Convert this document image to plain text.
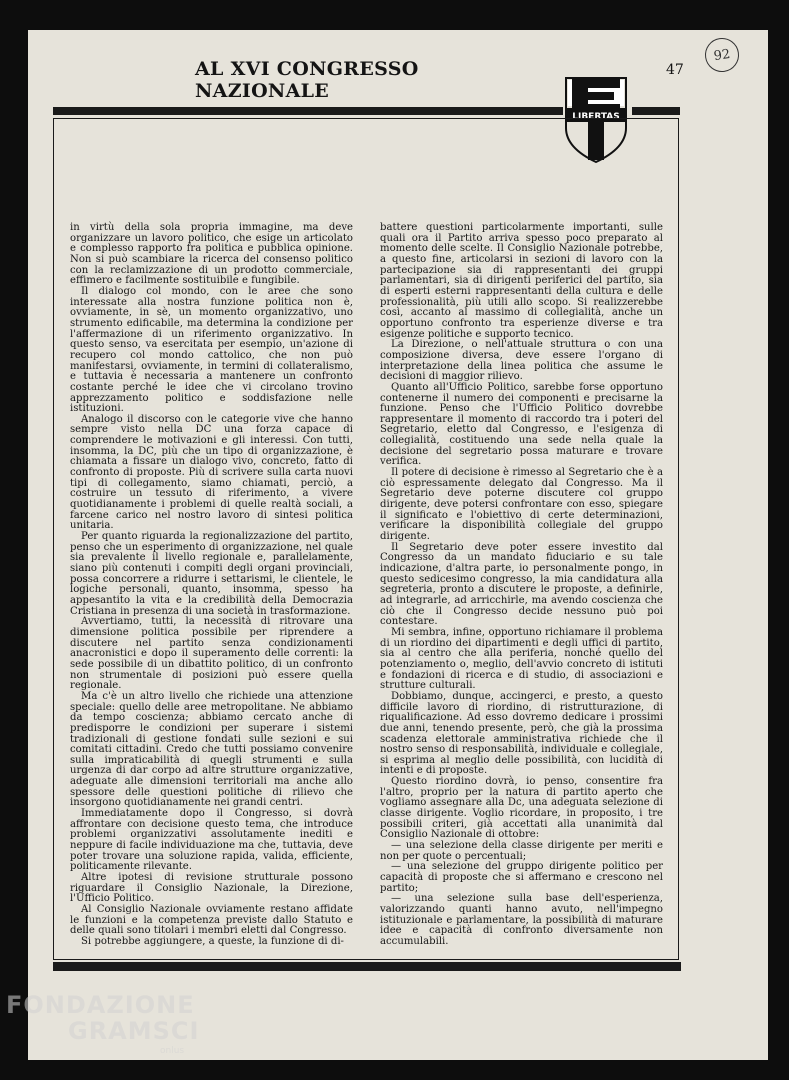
92
AL XVI CONGRESSO NAZIONALE
47
LIBERTAS

in virtù della sola propria immagine, ma deve organizzare un lavoro politico, che esige un articolato e complesso rapporto fra politica e pubblica opinione. Non si può scambiare la ricerca del consenso politico con la reclamizzazione di un prodotto commerciale, effimero e facilmente sostituibile e fungibile.

Il dialogo col mondo, con le aree che sono interessate alla nostra funzione politica non è, ovviamente, in sè, un momento organizzativo, uno strumento edificabile, ma determina la condizione per l'affermazione di un riferimento organizzativo. In questo senso, va esercitata per esempio, un'azione di recupero col mondo cattolico, che non può manifestarsi, ovviamente, in termini di collateralismo, e tuttavia è necessaria a mantenere un confronto costante perché le idee che vi circolano trovino apprezzamento politico e soddisfazione nelle istituzioni.

Analogo il discorso con le categorie vive che hanno sempre visto nella DC una forza capace di comprendere le motivazioni e gli interessi. Con tutti, insomma, la DC, più che un tipo di organizzazione, è chiamata a fissare un dialogo vivo, concreto, fatto di confronto di proposte. Più di scrivere sulla carta nuovi tipi di collegamento, siamo chiamati, perciò, a costruire un tessuto di riferimento, a vivere quotidianamente i problemi di quelle realtà sociali, a farcene carico nel nostro lavoro di sintesi politica unitaria.

Per quanto riguarda la regionalizzazione del partito, penso che un esperimento di organizzazione, nel quale sia prevalente il livello regionale e, parallelamente, siano più contenuti i compiti degli organi provinciali, possa concorrere a ridurre i settarismi, le clientele, le logiche personali, quanto, insomma, spesso ha appesantito la vita e la credibilità della Democrazia Cristiana in presenza di una società in trasformazione.

Avvertiamo, tutti, la necessità di ritrovare una dimensione politica possibile per riprendere a discutere nel partito senza condizionamenti anacronistici e dopo il superamento delle correnti: la sede possibile di un dibattito politico, di un confronto non strumentale di posizioni può essere quella regionale.

Ma c'è un altro livello che richiede una attenzione speciale: quello delle aree metropolitane. Ne abbiamo da tempo coscienza; abbiamo cercato anche di predisporre le condizioni per superare i sistemi tradizionali di gestione fondati sulle sezioni e sui comitati cittadini. Credo che tutti possiamo convenire sulla impraticabilità di quegli strumenti e sulla urgenza di dar corpo ad altre strutture organizzative, adeguate alle dimensioni territoriali ma anche allo spessore delle questioni politiche di rilievo che insorgono quotidianamente nei grandi centri.

Immediatamente dopo il Congresso, si dovrà affrontare con decisione questo tema, che introduce problemi organizzativi assolutamente inediti e neppure di facile individuazione ma che, tuttavia, deve poter trovare una soluzione rapida, valida, efficiente, politicamente rilevante.

Altre ipotesi di revisione strutturale possono riguardare il Consiglio Nazionale, la Direzione, l'Ufficio Politico.

Al Consiglio Nazionale ovviamente restano affidate le funzioni e la competenza previste dallo Statuto e delle quali sono titolari i membri eletti dal Congresso.

Si potrebbe aggiungere, a queste, la funzione di di-

battere questioni particolarmente importanti, sulle quali ora il Partito arriva spesso poco preparato al momento delle scelte. Il Consiglio Nazionale potrebbe, a questo fine, articolarsi in sezioni di lavoro con la partecipazione sia di rappresentanti dei gruppi parlamentari, sia di dirigenti periferici del partito, sia di esperti esterni rappresentanti della cultura e delle professionalità, più utili allo scopo. Si realizzerebbe così, accanto al massimo di collegialità, anche un opportuno confronto tra esperienze diverse e tra esigenze politiche e supporto tecnico.

La Direzione, o nell'attuale struttura o con una composizione diversa, deve essere l'organo di interpretazione della linea politica che assume le decisioni di maggior rilievo.

Quanto all'Ufficio Politico, sarebbe forse opportuno contenerne il numero dei componenti e precisarne la funzione. Penso che l'Ufficio Politico dovrebbe rappresentare il momento di raccordo tra i poteri del Segretario, eletto dal Congresso, e l'esigenza di collegialità, costituendo una sede nella quale la decisione del segretario possa maturare e trovare verifica.

Il potere di decisione è rimesso al Segretario che è a ciò espressamente delegato dal Congresso. Ma il Segretario deve poterne discutere col gruppo dirigente, deve potersi confrontare con esso, spiegare il significato e l'obiettivo di certe determinazioni, verificare la disponibilità collegiale del gruppo dirigente.

Il Segretario deve poter essere investito dal Congresso da un mandato fiduciario e su tale indicazione, d'altra parte, io personalmente pongo, in questo sedicesimo congresso, la mia candidatura alla segreteria, pronto a discutere le proposte, a definirle, ad integrarle, ad arricchirle, ma avendo coscienza che ciò che il Congresso decide nessuno può poi contestare.

Mi sembra, infine, opportuno richiamare il problema di un riordino dei dipartimenti e degli uffici di partito, sia al centro che alla periferia, nonché quello del potenziamento o, meglio, dell'avvio concreto di istituti e fondazioni di ricerca e di studio, di associazioni e strutture culturali.

Dobbiamo, dunque, accingerci, e presto, a questo difficile lavoro di riordino, di ristrutturazione, di riqualificazione. Ad esso dovremo dedicare i prossimi due anni, tenendo presente, però, che già la prossima scadenza elettorale amministrativa richiede che il nostro senso di responsabilità, individuale e collegiale, si esprima al meglio delle possibilità, con lucidità di intenti e di proposte.

Questo riordino dovrà, io penso, consentire fra l'altro, proprio per la natura di partito aperto che vogliamo assegnare alla Dc, una adeguata selezione di classe dirigente. Voglio ricordare, in proposito, i tre possibili criteri, già accettati alla unanimità dal Consiglio Nazionale di ottobre:

— una selezione della classe dirigente per meriti e non per quote o percentuali;

— una selezione del gruppo dirigente politico per capacità di proposte che si affermano e crescono nel partito;

— una selezione sulla base dell'esperienza, valorizzando quanti hanno avuto, nell'impegno istituzionale e parlamentare, la possibilità di maturare idee e capacità di confronto diversamente non accumulabili.

FONDAZIONE
GRAMSCI
onlus
